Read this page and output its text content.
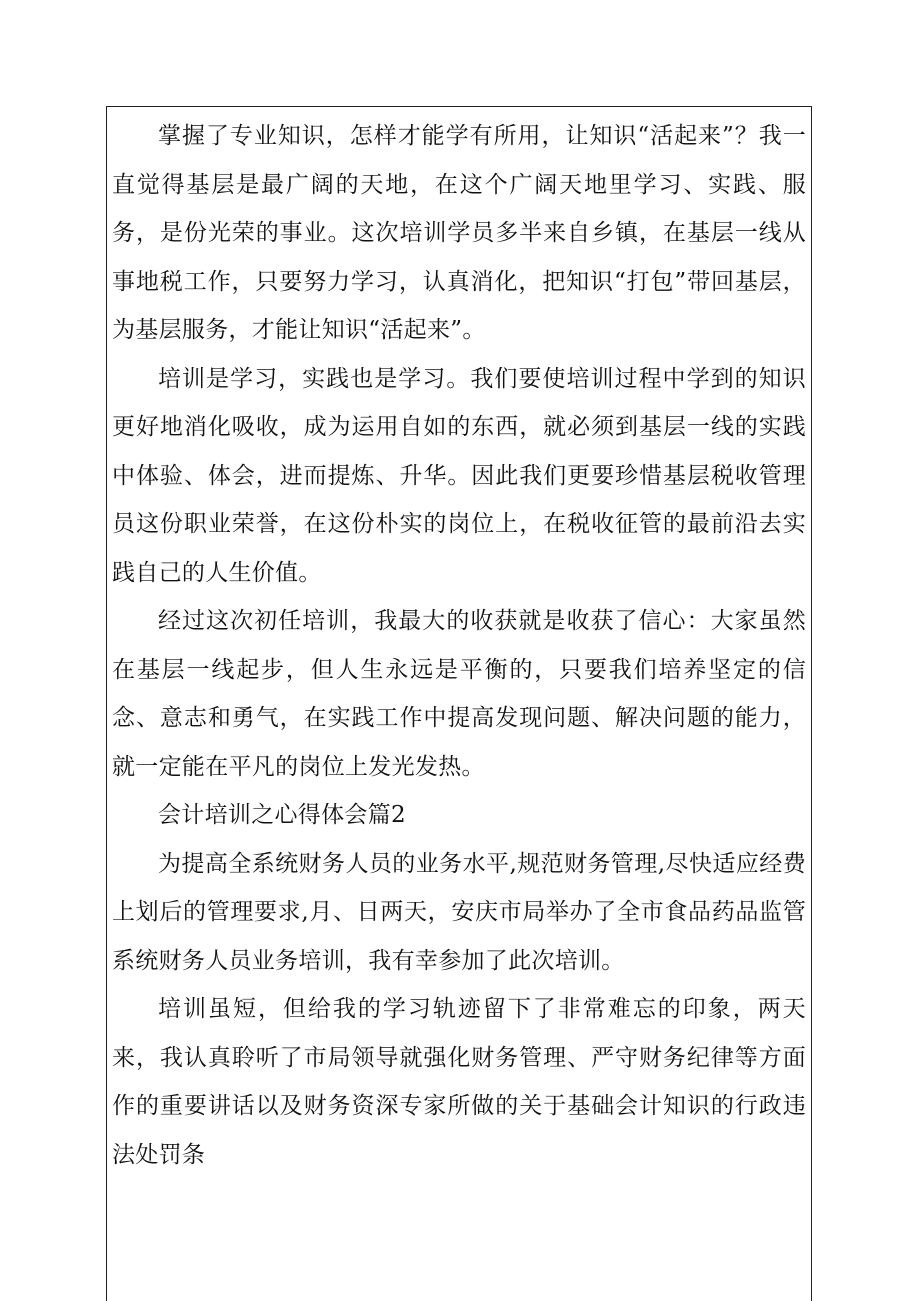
掌握了专业知识，怎样才能学有所用，让知识“活起来”？我一直觉得基层是最广阔的天地，在这个广阔天地里学习、实践、服务，是份光荣的事业。这次培训学员多半来自乡镇，在基层一线从事地税工作，只要努力学习，认真消化，把知识“打包”带回基层，为基层服务，才能让知识“活起来”。

培训是学习，实践也是学习。我们要使培训过程中学到的知识更好地消化吸收，成为运用自如的东西，就必须到基层一线的实践中体验、体会，进而提炼、升华。因此我们更要珍惜基层税收管理员这份职业荣誉，在这份朴实的岗位上，在税收征管的最前沿去实践自己的人生价值。

经过这次初任培训，我最大的收获就是收获了信心：大家虽然在基层一线起步，但人生永远是平衡的，只要我们培养坚定的信念、意志和勇气，在实践工作中提高发现问题、解决问题的能力，就一定能在平凡的岗位上发光发热。

会计培训之心得体会篇2

为提高全系统财务人员的业务水平,规范财务管理,尽快适应经费上划后的管理要求,月、日两天，安庆市局举办了全市食品药品监管系统财务人员业务培训，我有幸参加了此次培训。

培训虽短，但给我的学习轨迹留下了非常难忘的印象，两天来，我认真聆听了市局领导就强化财务管理、严守财务纪律等方面作的重要讲话以及财务资深专家所做的关于基础会计知识的行政违法处罚条
